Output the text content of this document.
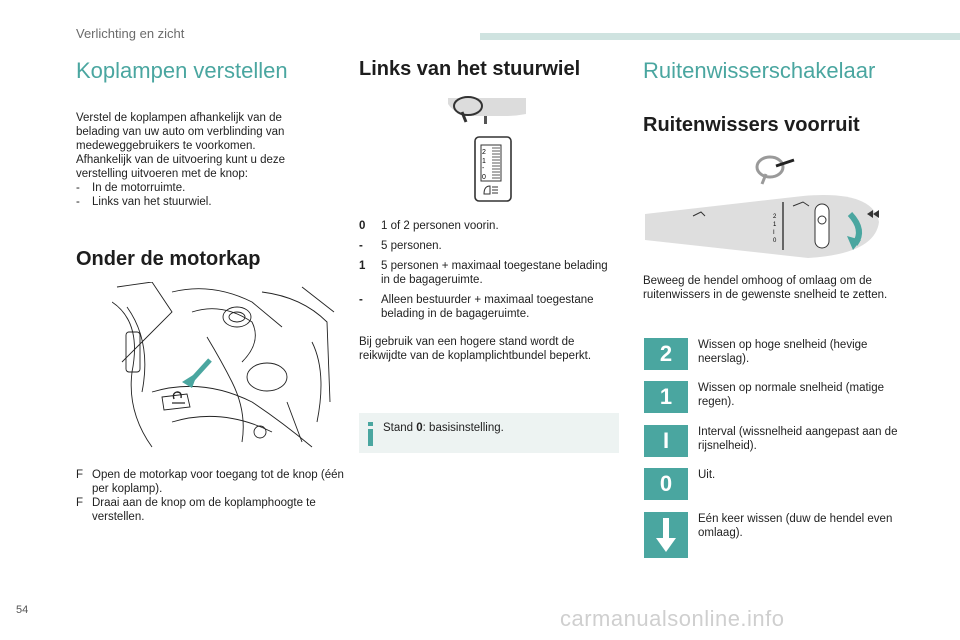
Verlichting en zicht
Koplampen verstellen

Verstel de koplampen afhankelijk van de

belading van uw auto om verblinding van

medeweggebruikers te voorkomen.

Afhankelijk van de uitvoering kunt u deze

verstelling uitvoeren met de knop:

- In de motorruimte.
- Links van het stuurwiel.
Onder de motorkap
F Open de motorkap voor toegang tot de knop (één per koplamp).
F Draai aan de knop om de koplamphoogte te verstellen.
Links van het stuurwiel
2
1
-
0
0	1 of 2 personen voorin.
-	5 personen.
1	5 personen + maximaal toegestane belading in de bagageruimte.
-	Alleen bestuurder + maximaal toegestane belading in de bagageruimte.

Bij gebruik van een hogere stand wordt de reikwijdte van de koplamplichtbundel beperkt.

Stand 0: basisinstelling.
Ruitenwisserschakelaar
Ruitenwissers voorruit
2
1
I
0

Beweeg de hendel omhoog of omlaag om de ruitenwissers in de gewenste snelheid te zetten.

2	Wissen op hoge snelheid (hevige neerslag).
1	Wissen op normale snelheid (matige regen).
I	Interval (wissnelheid aangepast aan de rijsnelheid).
0	Uit.
Eén keer wissen (duw de hendel even omlaag).
54	carmanualsonline.info
